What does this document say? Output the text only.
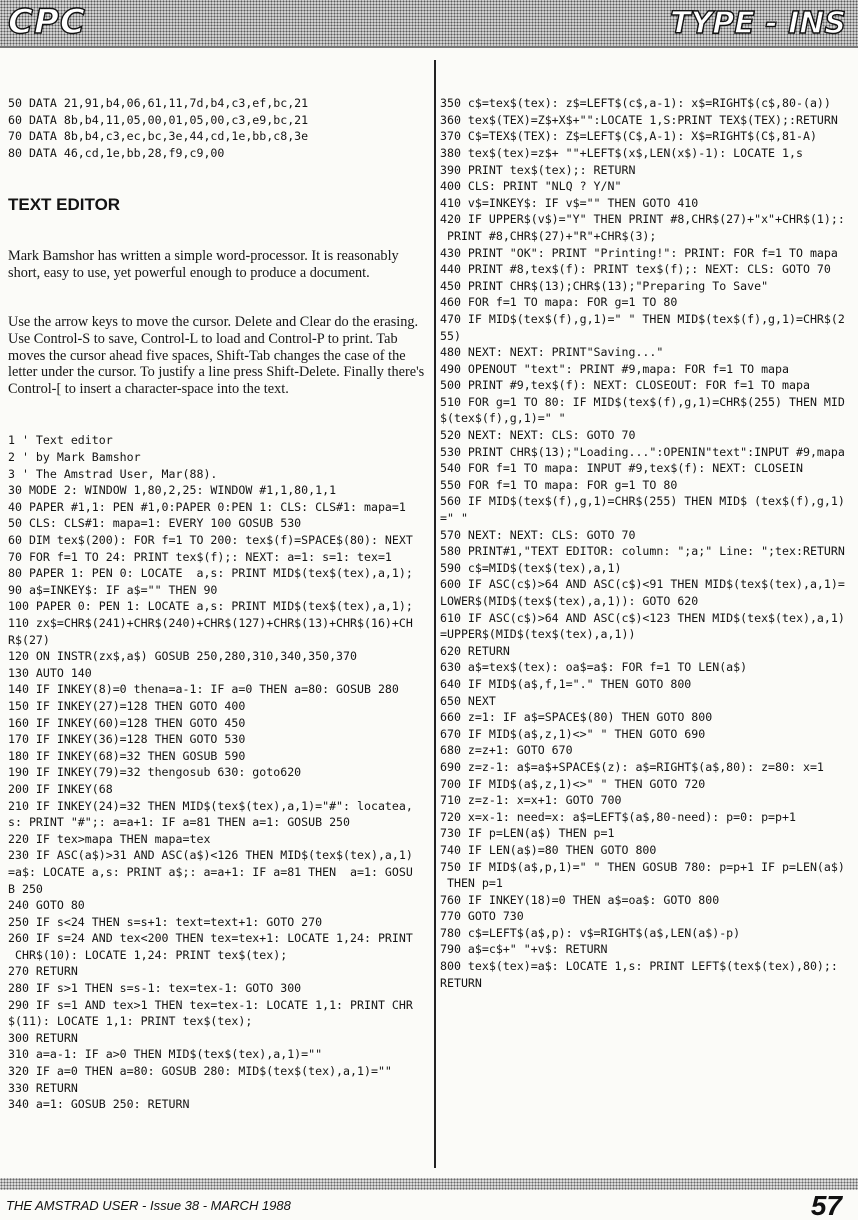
CPC	TYPE - INS

50 DATA 21,91,b4,06,61,11,7d,b4,c3,ef,bc,21
60 DATA 8b,b4,11,05,00,01,05,00,c3,e9,bc,21
70 DATA 8b,b4,c3,ec,bc,3e,44,cd,1e,bb,c8,3e
80 DATA 46,cd,1e,bb,28,f9,c9,00

TEXT EDITOR

Mark Bamshor has written a simple word-processor. It is reasonably short, easy to use, yet powerful enough to produce a document.

Use the arrow keys to move the cursor. Delete and Clear do the erasing. Use Control-S to save, Control-L to load and Control-P to print. Tab moves the cursor ahead five spaces, Shift-Tab changes the case of the letter under the cursor. To justify a line press Shift-Delete. Finally there's Control-[ to insert a character-space into the text.

1 ' Text editor
2 ' by Mark Bamshor
3 ' The Amstrad User, Mar(88).
30 MODE 2: WINDOW 1,80,2,25: WINDOW #1,1,80,1,1
40 PAPER #1,1: PEN #1,0:PAPER 0:PEN 1: CLS: CLS#1: mapa=1
50 CLS: CLS#1: mapa=1: EVERY 100 GOSUB 530
60 DIM tex$(200): FOR f=1 TO 200: tex$(f)=SPACE$(80): NEXT
70 FOR f=1 TO 24: PRINT tex$(f);: NEXT: a=1: s=1: tex=1
80 PAPER 1: PEN 0: LOCATE  a,s: PRINT MID$(tex$(tex),a,1);
90 a$=INKEY$: IF a$="" THEN 90
100 PAPER 0: PEN 1: LOCATE a,s: PRINT MID$(tex$(tex),a,1);
110 zx$=CHR$(241)+CHR$(240)+CHR$(127)+CHR$(13)+CHR$(16)+CH
R$(27)
120 ON INSTR(zx$,a$) GOSUB 250,280,310,340,350,370
130 AUTO 140
140 IF INKEY(8)=0 thena=a-1: IF a=0 THEN a=80: GOSUB 280
150 IF INKEY(27)=128 THEN GOTO 400
160 IF INKEY(60)=128 THEN GOTO 450
170 IF INKEY(36)=128 THEN GOTO 530
180 IF INKEY(68)=32 THEN GOSUB 590
190 IF INKEY(79)=32 thengosub 630: goto620
200 IF INKEY(68
210 IF INKEY(24)=32 THEN MID$(tex$(tex),a,1)="#": locatea,
s: PRINT "#";: a=a+1: IF a=81 THEN a=1: GOSUB 250
220 IF tex>mapa THEN mapa=tex
230 IF ASC(a$)>31 AND ASC(a$)<126 THEN MID$(tex$(tex),a,1)
=a$: LOCATE a,s: PRINT a$;: a=a+1: IF a=81 THEN  a=1: GOSU
B 250
240 GOTO 80
250 IF s<24 THEN s=s+1: text=text+1: GOTO 270
260 IF s=24 AND tex<200 THEN tex=tex+1: LOCATE 1,24: PRINT
CHR$(10): LOCATE 1,24: PRINT tex$(tex);
270 RETURN
280 IF s>1 THEN s=s-1: tex=tex-1: GOTO 300
290 IF s=1 AND tex>1 THEN tex=tex-1: LOCATE 1,1: PRINT CHR
$(11): LOCATE 1,1: PRINT tex$(tex);
300 RETURN
310 a=a-1: IF a>0 THEN MID$(tex$(tex),a,1)=""
320 IF a=0 THEN a=80: GOSUB 280: MID$(tex$(tex),a,1)=""
330 RETURN
340 a=1: GOSUB 250: RETURN

350 c$=tex$(tex): z$=LEFT$(c$,a-1): x$=RIGHT$(c$,80-(a))
360 tex$(TEX)=Z$+X$+"":LOCATE 1,S:PRINT TEX$(TEX);:RETURN
370 C$=TEX$(TEX): Z$=LEFT$(C$,A-1): X$=RIGHT$(C$,81-A)
380 tex$(tex)=z$+ ""+LEFT$(x$,LEN(x$)-1): LOCATE 1,s
390 PRINT tex$(tex);: RETURN
400 CLS: PRINT "NLQ ? Y/N"
410 v$=INKEY$: IF v$="" THEN GOTO 410
420 IF UPPER$(v$)="Y" THEN PRINT #8,CHR$(27)+"x"+CHR$(1);:
PRINT #8,CHR$(27)+"R"+CHR$(3);
430 PRINT "OK": PRINT "Printing!": PRINT: FOR f=1 TO mapa
440 PRINT #8,tex$(f): PRINT tex$(f);: NEXT: CLS: GOTO 70
450 PRINT CHR$(13);CHR$(13);"Preparing To Save"
460 FOR f=1 TO mapa: FOR g=1 TO 80
470 IF MID$(tex$(f),g,1)=" " THEN MID$(tex$(f),g,1)=CHR$(2
55)
480 NEXT: NEXT: PRINT"Saving..."
490 OPENOUT "text": PRINT #9,mapa: FOR f=1 TO mapa
500 PRINT #9,tex$(f): NEXT: CLOSEOUT: FOR f=1 TO mapa
510 FOR g=1 TO 80: IF MID$(tex$(f),g,1)=CHR$(255) THEN MID
$(tex$(f),g,1)=" "
520 NEXT: NEXT: CLS: GOTO 70
530 PRINT CHR$(13);"Loading...":OPENIN"text":INPUT #9,mapa
540 FOR f=1 TO mapa: INPUT #9,tex$(f): NEXT: CLOSEIN
550 FOR f=1 TO mapa: FOR g=1 TO 80
560 IF MID$(tex$(f),g,1)=CHR$(255) THEN MID$ (tex$(f),g,1)
=" "
570 NEXT: NEXT: CLS: GOTO 70
580 PRINT#1,"TEXT EDITOR: column: ";a;" Line: ";tex:RETURN
590 c$=MID$(tex$(tex),a,1)
600 IF ASC(c$)>64 AND ASC(c$)<91 THEN MID$(tex$(tex),a,1)=
LOWER$(MID$(tex$(tex),a,1)): GOTO 620
610 IF ASC(c$)>64 AND ASC(c$)<123 THEN MID$(tex$(tex),a,1)
=UPPER$(MID$(tex$(tex),a,1))
620 RETURN
630 a$=tex$(tex): oa$=a$: FOR f=1 TO LEN(a$)
640 IF MID$(a$,f,1="." THEN GOTO 800
650 NEXT
660 z=1: IF a$=SPACE$(80) THEN GOTO 800
670 IF MID$(a$,z,1)<>" " THEN GOTO 690
680 z=z+1: GOTO 670
690 z=z-1: a$=a$+SPACE$(z): a$=RIGHT$(a$,80): z=80: x=1
700 IF MID$(a$,z,1)<>" " THEN GOTO 720
710 z=z-1: x=x+1: GOTO 700
720 x=x-1: need=x: a$=LEFT$(a$,80-need): p=0: p=p+1
730 IF p=LEN(a$) THEN p=1
740 IF LEN(a$)=80 THEN GOTO 800
750 IF MID$(a$,p,1)=" " THEN GOSUB 780: p=p+1 IF p=LEN(a$)
THEN p=1
760 IF INKEY(18)=0 THEN a$=oa$: GOTO 800
770 GOTO 730
780 c$=LEFT$(a$,p): v$=RIGHT$(a$,LEN(a$)-p)
790 a$=c$+" "+v$: RETURN
800 tex$(tex)=a$: LOCATE 1,s: PRINT LEFT$(tex$(tex),80);:
RETURN

THE AMSTRAD USER - Issue 38 - MARCH 1988	57
